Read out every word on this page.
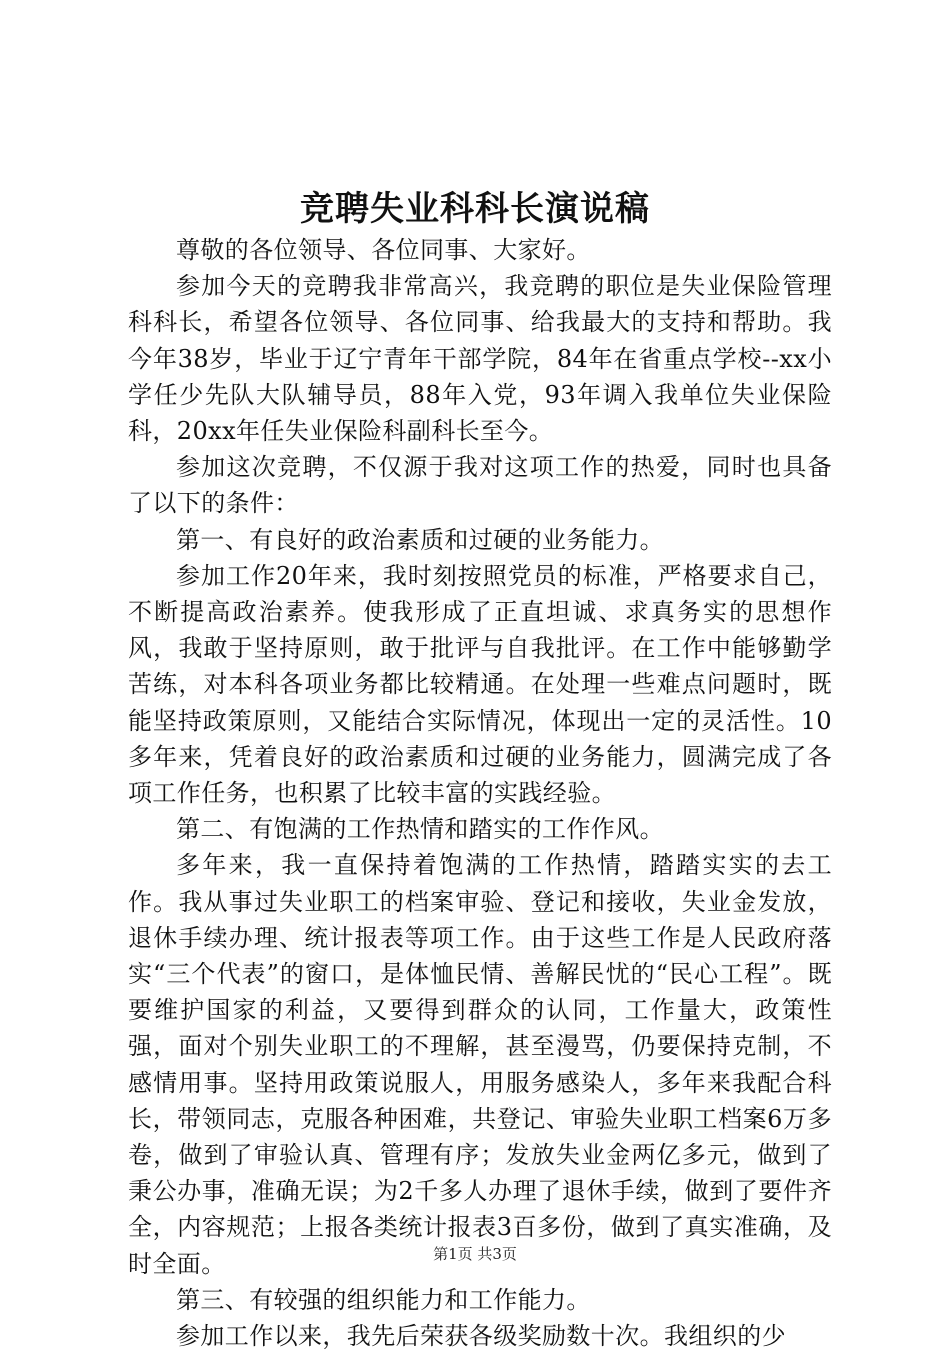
竞聘失业科科长演说稿

尊敬的各位领导、各位同事、大家好。

参加今天的竞聘我非常高兴，我竞聘的职位是失业保险管理科科长，希望各位领导、各位同事、给我最大的支持和帮助。我今年38岁，毕业于辽宁青年干部学院，84年在省重点学校--xx小学任少先队大队辅导员，88年入党，93年调入我单位失业保险科，20xx年任失业保险科副科长至今。

参加这次竞聘，不仅源于我对这项工作的热爱，同时也具备了以下的条件：

第一、有良好的政治素质和过硬的业务能力。

参加工作20年来，我时刻按照党员的标准，严格要求自己，不断提高政治素养。使我形成了正直坦诚、求真务实的思想作风，我敢于坚持原则，敢于批评与自我批评。在工作中能够勤学苦练，对本科各项业务都比较精通。在处理一些难点问题时，既能坚持政策原则，又能结合实际情况，体现出一定的灵活性。10多年来，凭着良好的政治素质和过硬的业务能力，圆满完成了各项工作任务，也积累了比较丰富的实践经验。

第二、有饱满的工作热情和踏实的工作作风。

多年来，我一直保持着饱满的工作热情，踏踏实实的去工作。我从事过失业职工的档案审验、登记和接收，失业金发放，退休手续办理、统计报表等项工作。由于这些工作是人民政府落实“三个代表”的窗口，是体恤民情、善解民忧的“民心工程”。既要维护国家的利益，又要得到群众的认同，工作量大，政策性强，面对个别失业职工的不理解，甚至漫骂，仍要保持克制，不感情用事。坚持用政策说服人，用服务感染人，多年来我配合科长，带领同志，克服各种困难，共登记、审验失业职工档案6万多卷，做到了审验认真、管理有序；发放失业金两亿多元，做到了秉公办事，准确无误；为2千多人办理了退休手续，做到了要件齐全，内容规范；上报各类统计报表3百多份，做到了真实准确，及时全面。

第三、有较强的组织能力和工作能力。

参加工作以来，我先后荣获各级奖励数十次。我组织的少

第1页 共3页
